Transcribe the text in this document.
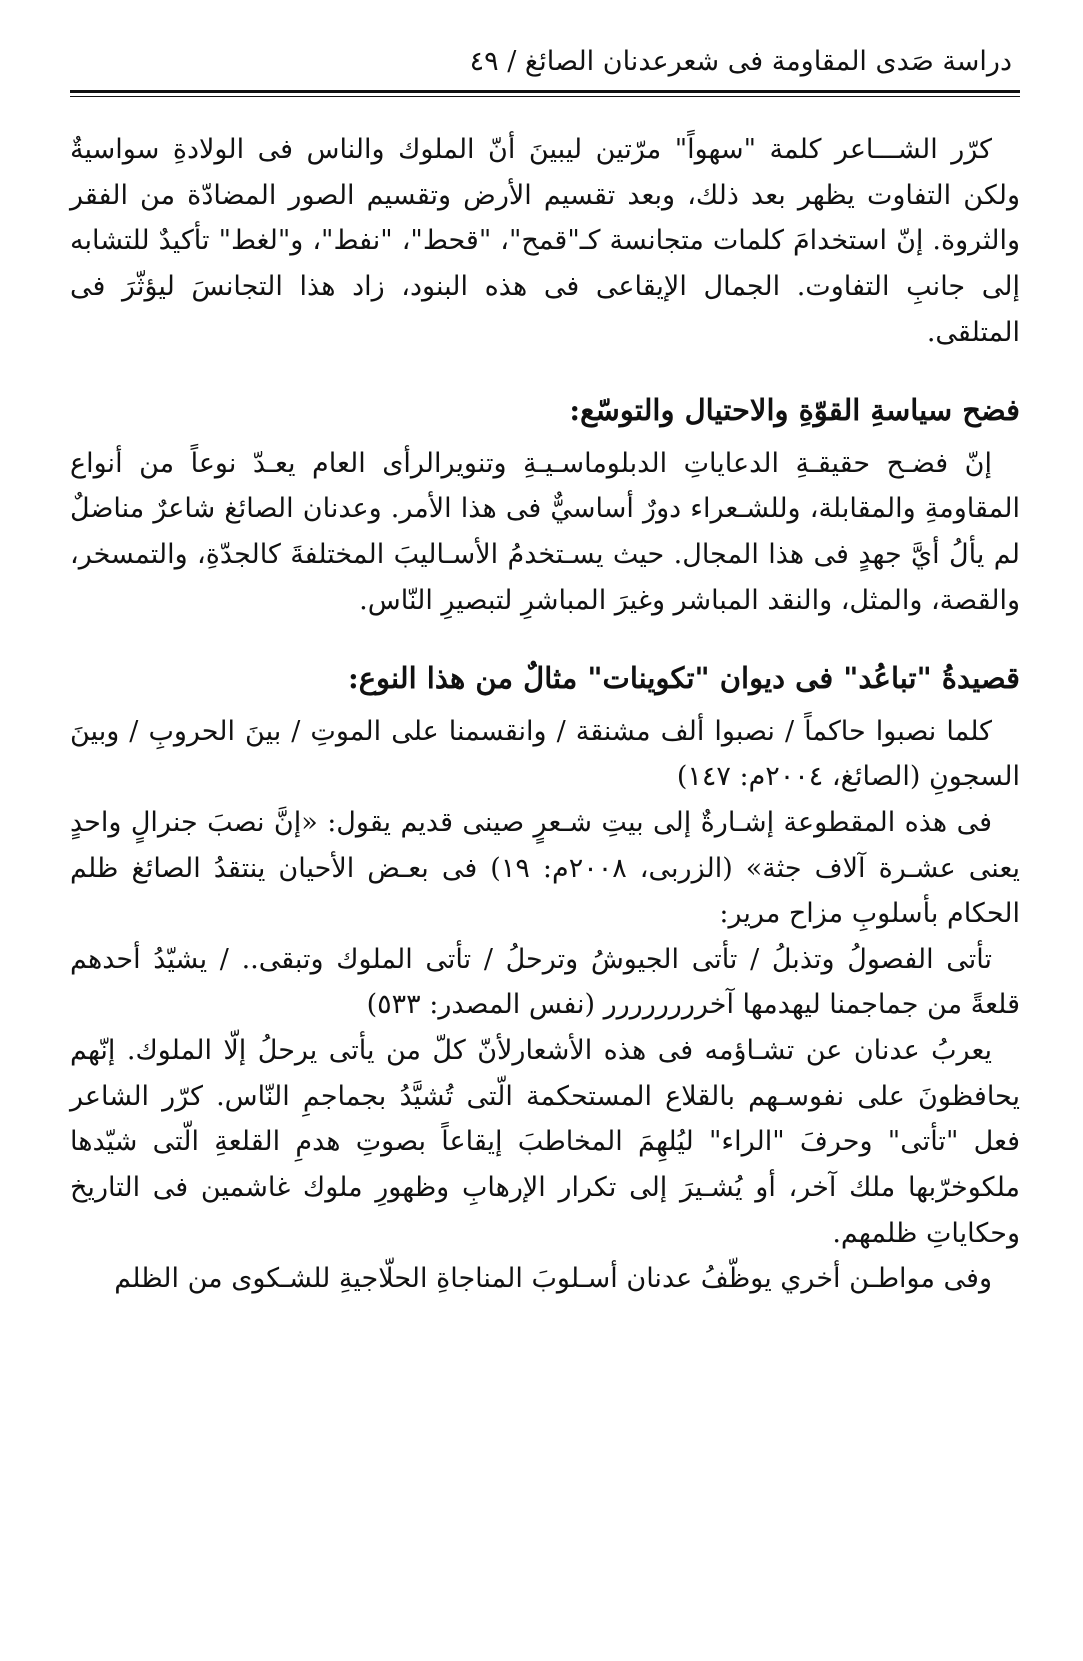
دراسة صَدى المقاومة فى شعرعدنان الصائغ / ٤٩

كرّر الشـــاعر كلمة "سهواً" مرّتين ليبينَ أنّ الملوك والناس فى الولادةِ سواسيةٌ ولكن التفاوت يظهر بعد ذلك، وبعد تقسيم الأرض وتقسيم الصور المضادّة من الفقر والثروة. إنّ استخدامَ كلمات متجانسة كـ"قمح"، "قحط"، "نفط"، و"لغط" تأكيدٌ للتشابه إلى جانبِ التفاوت. الجمال الإيقاعى فى هذه البنود، زاد هذا التجانسَ ليؤثّرَ فى المتلقى.

فضح سياسةِ القوّةِ والاحتيال والتوسّع:

إنّ فضـح حقيقـةِ الدعاياتِ الدبلوماسـيـةِ وتنويرالرأى العام يعـدّ نوعاً من أنواع المقاومةِ والمقابلة، وللشـعراء دورٌ أساسيٌّ فى هذا الأمر. وعدنان الصائغ شاعرٌ مناضلٌ لم يألُ أيَّ جهدٍ فى هذا المجال. حيث يسـتخدمُ الأسـاليبَ المختلفةَ كالجدّةِ، والتمسخر، والقصة، والمثل، والنقد المباشر وغيرَ المباشرِ لتبصيرِ النّاس.

قصيدةُ "تباعُد" فى ديوان "تكوينات" مثالٌ من هذا النوع:

كلما نصبوا حاكماً / نصبوا ألف مشنقة / وانقسمنا على الموتِ / بينَ الحروبِ / وبينَ السجونِ (الصائغ، ٢٠٠٤م: ١٤٧)

فى هذه المقطوعة إشـارةٌ إلى بيتِ شـعرٍ صينى قديم يقول: «إنَّ نصبَ جنرالٍ واحدٍ يعنى عشـرة آلاف جثة» (الزربى، ٢٠٠٨م: ١٩) فى بعـض الأحيان ينتقدُ الصائغ ظلم الحكام بأسلوبِ مزاح مرير:

تأتى الفصولُ وتذبلُ / تأتى الجيوشُ وترحلُ / تأتى الملوك وتبقى.. / يشيّدُ أحدهم قلعةً من جماجمنا ليهدمها آخرررررررر (نفس المصدر: ٥٣٣)

يعربُ عدنان عن تشـاؤمه فى هذه الأشعارلأنّ كلّ من يأتى يرحلُ إلّا الملوك. إنّهم يحافظونَ على نفوسـهم بالقلاع المستحكمة الّتى تُشيَّدُ بجماجمِ النّاس. كرّر الشاعر فعل "تأتى" وحرفَ "الراء" ليُلهِمَ المخاطبَ إيقاعاً بصوتِ هدمِ القلعةِ الّتى شيّدها ملكوخرّبها ملك آخر، أو يُشـيرَ إلى تكرار الإرهابِ وظهورِ ملوك غاشمين فى التاريخ وحكاياتِ ظلمهم.

وفى مواطـن أخري يوظّفُ عدنان أسـلوبَ المناجاةِ الحلّاجيةِ للشـكوى من الظلم
